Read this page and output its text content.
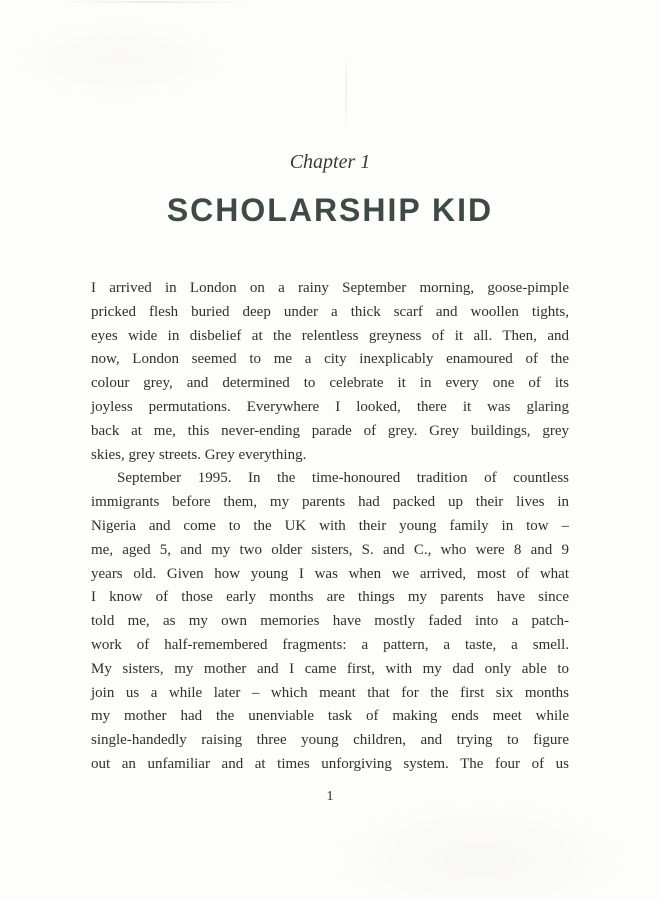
Chapter 1
SCHOLARSHIP KID
I arrived in London on a rainy September morning, goose-pimple
pricked flesh buried deep under a thick scarf and woollen tights,
eyes wide in disbelief at the relentless greyness of it all. Then, and
now, London seemed to me a city inexplicably enamoured of the
colour grey, and determined to celebrate it in every one of its
joyless permutations. Everywhere I looked, there it was glaring
back at me, this never-ending parade of grey. Grey buildings, grey
skies, grey streets. Grey everything.
September 1995. In the time-honoured tradition of countless
immigrants before them, my parents had packed up their lives in
Nigeria and come to the UK with their young family in tow –
me, aged 5, and my two older sisters, S. and C., who were 8 and 9
years old. Given how young I was when we arrived, most of what
I know of those early months are things my parents have since
told me, as my own memories have mostly faded into a patch-
work of half-remembered fragments: a pattern, a taste, a smell.
My sisters, my mother and I came first, with my dad only able to
join us a while later – which meant that for the first six months
my mother had the unenviable task of making ends meet while
single-handedly raising three young children, and trying to figure
out an unfamiliar and at times unforgiving system. The four of us
1
